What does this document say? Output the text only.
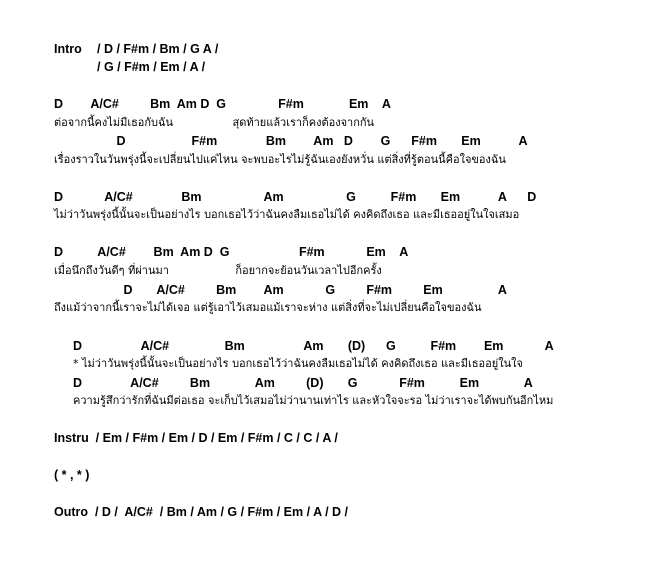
Intro / D / F#m / Bm / G A /
/ G / F#m / Em / A /
D        A/C#         Bm  Am D  G               F#m             Em    A
ต่อจากนี้คงไม่มีเธอกับฉัน                 สุดท้ายแล้วเราก็คงต้องจากกัน
D                   F#m              Bm        Am   D        G      F#m       Em           A
เรื่องราวในวันพรุ่งนี้จะเปลี่ยนไปแค่ไหน จะพบอะไรไม่รู้ฉันเองยังหวั่น แต่สิ่งที่รู้ตอนนี้คือใจของฉัน
D            A/C#              Bm                  Am                  G          F#m       Em           A      D
ไม่ว่าวันพรุ่งนี้นั้นจะเป็นอย่างไร บอกเธอไว้ว่าฉันคงลืมเธอไม่ได้ คงคิดถึงเธอ และมีเธออยู่ในใจเสมอ
D          A/C#        Bm  Am D  G                    F#m            Em    A
เมื่อนึกถึงวันดีๆ ที่ผ่านมา                   ก็อยากจะย้อนวันเวลาไปอีกครั้ง
D       A/C#         Bm        Am            G         F#m         Em                A
ถึงแม้ว่าจากนี้เราจะไม่ได้เจอ แต่รู้เอาไว้เสมอแม้เราจะห่าง แต่สิ่งที่จะไม่เปลี่ยนคือใจของฉัน
D                 A/C#                Bm                 Am       (D)      G          F#m        Em            A
* ไม่ว่าวันพรุ่งนี้นั้นจะเป็นอย่างไร บอกเธอไว้ว่าฉันคงลืมเธอไม่ได้ คงคิดถึงเธอ และมีเธออยู่ในใจ
D              A/C#         Bm             Am         (D)       G            F#m          Em             A
ความรู้สึกว่ารักที่ฉันมีต่อเธอ จะเก็บไว้เสมอไม่ว่านานเท่าไร และหัวใจจะรอ ไม่ว่าเราจะได้พบกันอีกไหม
Instru  / Em / F#m / Em / D / Em / F#m / C / C / A /
( * , * )
Outro  / D /  A/C#  / Bm / Am / G / F#m / Em / A / D /
